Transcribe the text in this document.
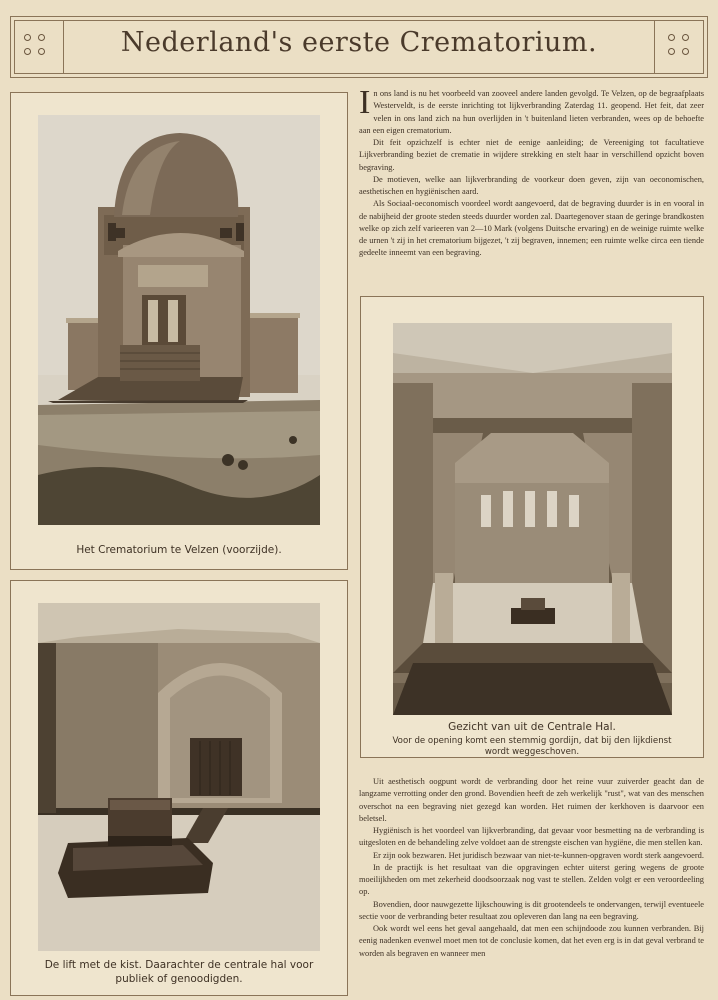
Nederland's eerste Crematorium.
Het Crematorium te Velzen (voorzijde).
De lift met de kist. Daarachter de centrale hal voor
publiek of genoodigden.
Gezicht van uit de Centrale Hal.
Voor de opening komt een stemmig gordijn, dat bij den lijkdienst
wordt weggeschoven.

In ons land is nu het voorbeeld van zooveel andere landen gevolgd. Te Velzen, op de begraafplaats Westerveldt, is de eerste inrichting tot lijkverbranding Zaterdag 11. geopend. Het feit, dat zeer velen in ons land zich na hun overlijden in 't buitenland lieten verbranden, wees op de behoefte aan een eigen crematorium.

Dit feit opzichzelf is echter niet de eenige aanleiding; de Vereeniging tot facultatieve Lijkverbranding beziet de crematie in wijdere strekking en stelt haar in verschillend opzicht boven begraving.

De motieven, welke aan lijkverbranding de voorkeur doen geven, zijn van oeconomischen, aesthetischen en hygiënischen aard.

Als Sociaal-oeconomisch voordeel wordt aangevoerd, dat de begraving duurder is in en vooral in de nabijheid der groote steden steeds duurder worden zal. Daartegenover staan de geringe brandkosten welke op zich zelf varieeren van 2—10 Mark (volgens Duitsche ervaring) en de weinige ruimte welke de urnen 't zij in het crematorium bijgezet, 't zij begraven, innemen; een ruimte welke circa een tiende gedeelte inneemt van een begraving.

Uit aesthetisch oogpunt wordt de verbranding door het reine vuur zuiverder geacht dan de langzame verrotting onder den grond. Bovendien heeft de zeh werkelijk "rust", wat van des menschen overschot na een begraving niet gezegd kan worden. Het ruimen der kerkhoven is daarvoor een beletsel.

Hygiënisch is het voordeel van lijkverbranding, dat gevaar voor besmetting na de verbranding is uitgesloten en de behandeling zelve voldoet aan de strengste eischen van hygiëne, die men stellen kan.

Er zijn ook bezwaren. Het juridisch bezwaar van niet-te-kunnen-opgraven wordt sterk aangevoerd.

In de practijk is het resultaat van die opgravingen echter uiterst gering wegens de groote moeilijkheden om met zekerheid doodsoorzaak nog vast te stellen. Zelden volgt er een veroordeeling op.

Bovendien, door nauwgezette lijkschouwing is dit grootendeels te ondervangen, terwijl eventueele sectie voor de verbranding beter resultaat zou opleveren dan lang na een begraving.

Ook wordt wel eens het geval aangehaald, dat men een schijndoode zou kunnen verbranden. Bij eenig nadenken evenwel moet men tot de conclusie komen, dat het even erg is in dat geval verbrand te worden als begraven en wanneer men
